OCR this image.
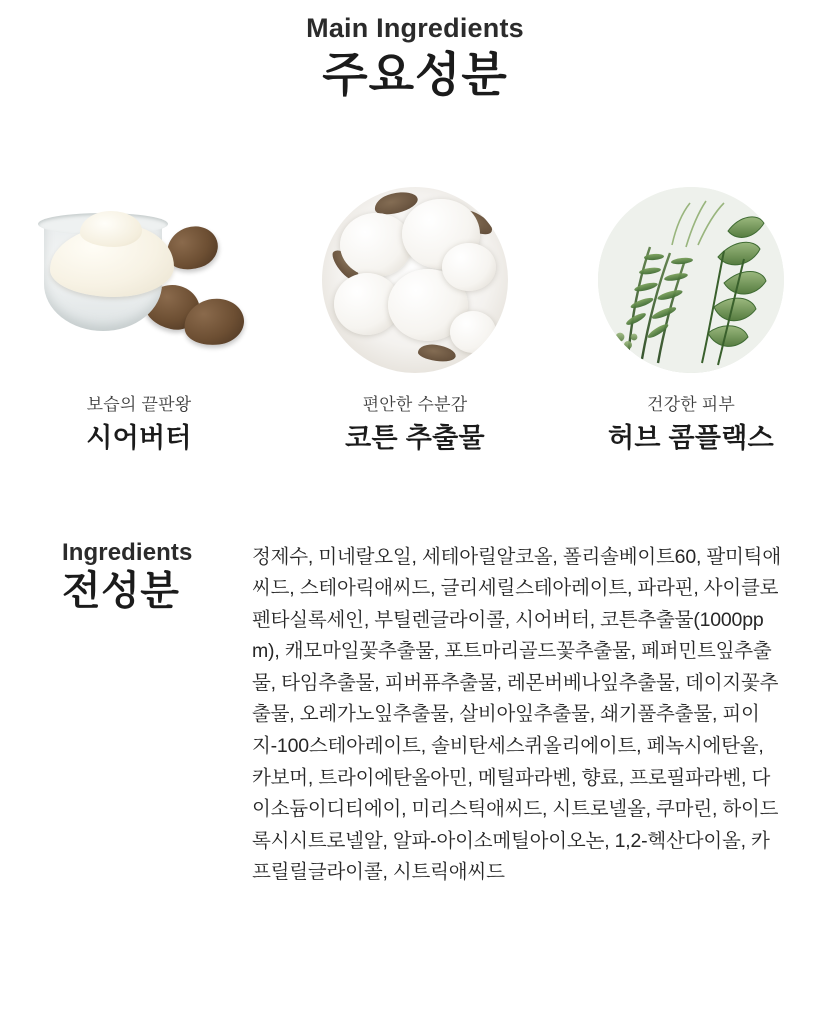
Main Ingredients
주요성분
보습의 끝판왕
시어버터
편안한 수분감
코튼 추출물
건강한 피부
허브 콤플랙스
Ingredients
전성분
정제수, 미네랄오일, 세테아릴알코올, 폴리솔베이트60, 팔미틱애씨드, 스테아릭애씨드, 글리세릴스테아레이트, 파라핀, 사이클로펜타실록세인, 부틸렌글라이콜, 시어버터, 코튼추출물(1000ppm), 캐모마일꽃추출물, 포트마리골드꽃추출물, 페퍼민트잎추출물, 타임추출물, 피버퓨추출물, 레몬버베나잎추출물, 데이지꽃추출물, 오레가노잎추출물, 살비아잎추출물, 쇄기풀추출물, 피이지-100스테아레이트, 솔비탄세스퀴올리에이트, 페녹시에탄올, 카보머, 트라이에탄올아민, 메틸파라벤, 향료, 프로필파라벤, 다이소듐이디티에이, 미리스틱애씨드, 시트로넬올, 쿠마린, 하이드록시시트로넬알, 알파-아이소메틸아이오논, 1,2-헥산다이올, 카프릴릴글라이콜, 시트릭애씨드
